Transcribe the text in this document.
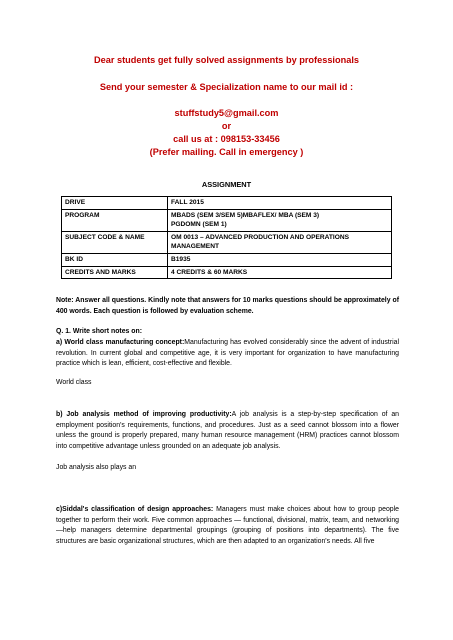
Dear students get fully solved assignments by professionals
Send your semester & Specialization name to our mail id :
stuffstudy5@gmail.com
or
call us at : 098153-33456
(Prefer mailing. Call in emergency )
ASSIGNMENT
DRIVE	FALL 2015
PROGRAM	MBADS (SEM 3/SEM 5)MBAFLEX/ MBA (SEM 3)
PGDOMN (SEM 1)

SUBJECT CODE & NAME	OM 0013 – ADVANCED PRODUCTION AND OPERATIONS
MANAGEMENT

BK ID	B1935
CREDITS AND MARKS	4 CREDITS & 60 MARKS
Note: Answer all questions. Kindly note that answers for 10 marks questions should be approximately of 400 words. Each question is followed by evaluation scheme.
Q. 1. Write short notes on:
a) World class manufacturing concept:Manufacturing has evolved considerably since the advent of industrial revolution. In current global and competitive age, it is very important for organization to have manufacturing practice which is lean, efficient, cost-effective and flexible.
World class
b) Job analysis method of improving productivity:A job analysis is a step-by-step specification of an employment position's requirements, functions, and procedures. Just as a seed cannot blossom into a flower unless the ground is properly prepared, many human resource management (HRM) practices cannot blossom into competitive advantage unless grounded on an adequate job analysis.
Job analysis also plays an
c)Siddal's classification of design approaches: Managers must make choices about how to group people together to perform their work. Five common approaches — functional, divisional, matrix, team, and networking—help managers determine departmental groupings (grouping of positions into departments). The five structures are basic organizational structures, which are then adapted to an organization's needs. All five
